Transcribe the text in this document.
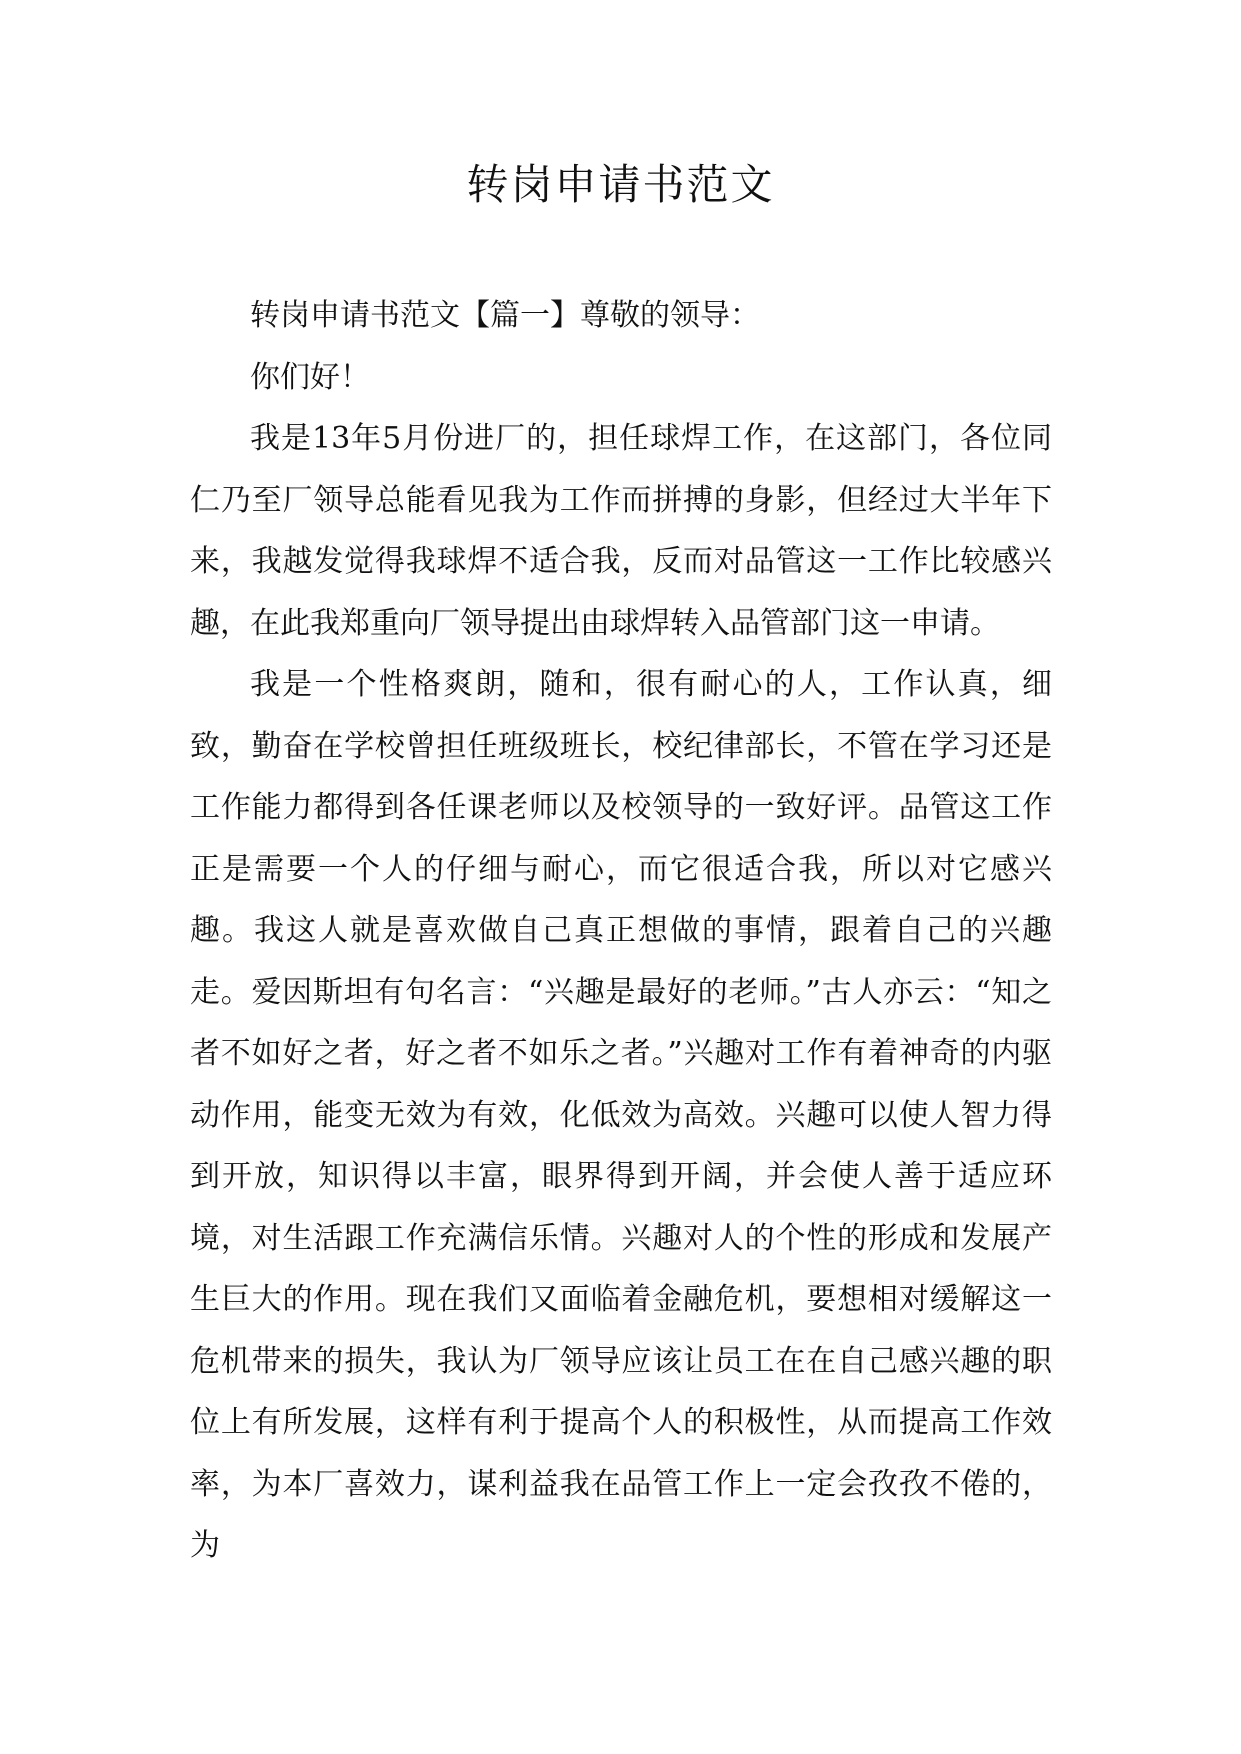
转岗申请书范文

转岗申请书范文【篇一】尊敬的领导：

你们好！

我是13年5月份进厂的，担任球焊工作，在这部门，各位同仁乃至厂领导总能看见我为工作而拼搏的身影，但经过大半年下来，我越发觉得我球焊不适合我，反而对品管这一工作比较感兴趣，在此我郑重向厂领导提出由球焊转入品管部门这一申请。

我是一个性格爽朗，随和，很有耐心的人，工作认真，细致，勤奋在学校曾担任班级班长，校纪律部长，不管在学习还是工作能力都得到各任课老师以及校领导的一致好评。品管这工作正是需要一个人的仔细与耐心，而它很适合我，所以对它感兴趣。我这人就是喜欢做自己真正想做的事情，跟着自己的兴趣走。爱因斯坦有句名言：“兴趣是最好的老师。”古人亦云：“知之者不如好之者，好之者不如乐之者。”兴趣对工作有着神奇的内驱动作用，能变无效为有效，化低效为高效。兴趣可以使人智力得到开放，知识得以丰富，眼界得到开阔，并会使人善于适应环境，对生活跟工作充满信乐情。兴趣对人的个性的形成和发展产生巨大的作用。现在我们又面临着金融危机，要想相对缓解这一危机带来的损失，我认为厂领导应该让员工在在自己感兴趣的职位上有所发展，这样有利于提高个人的积极性，从而提高工作效率，为本厂喜效力，谋利益我在品管工作上一定会孜孜不倦的，为
